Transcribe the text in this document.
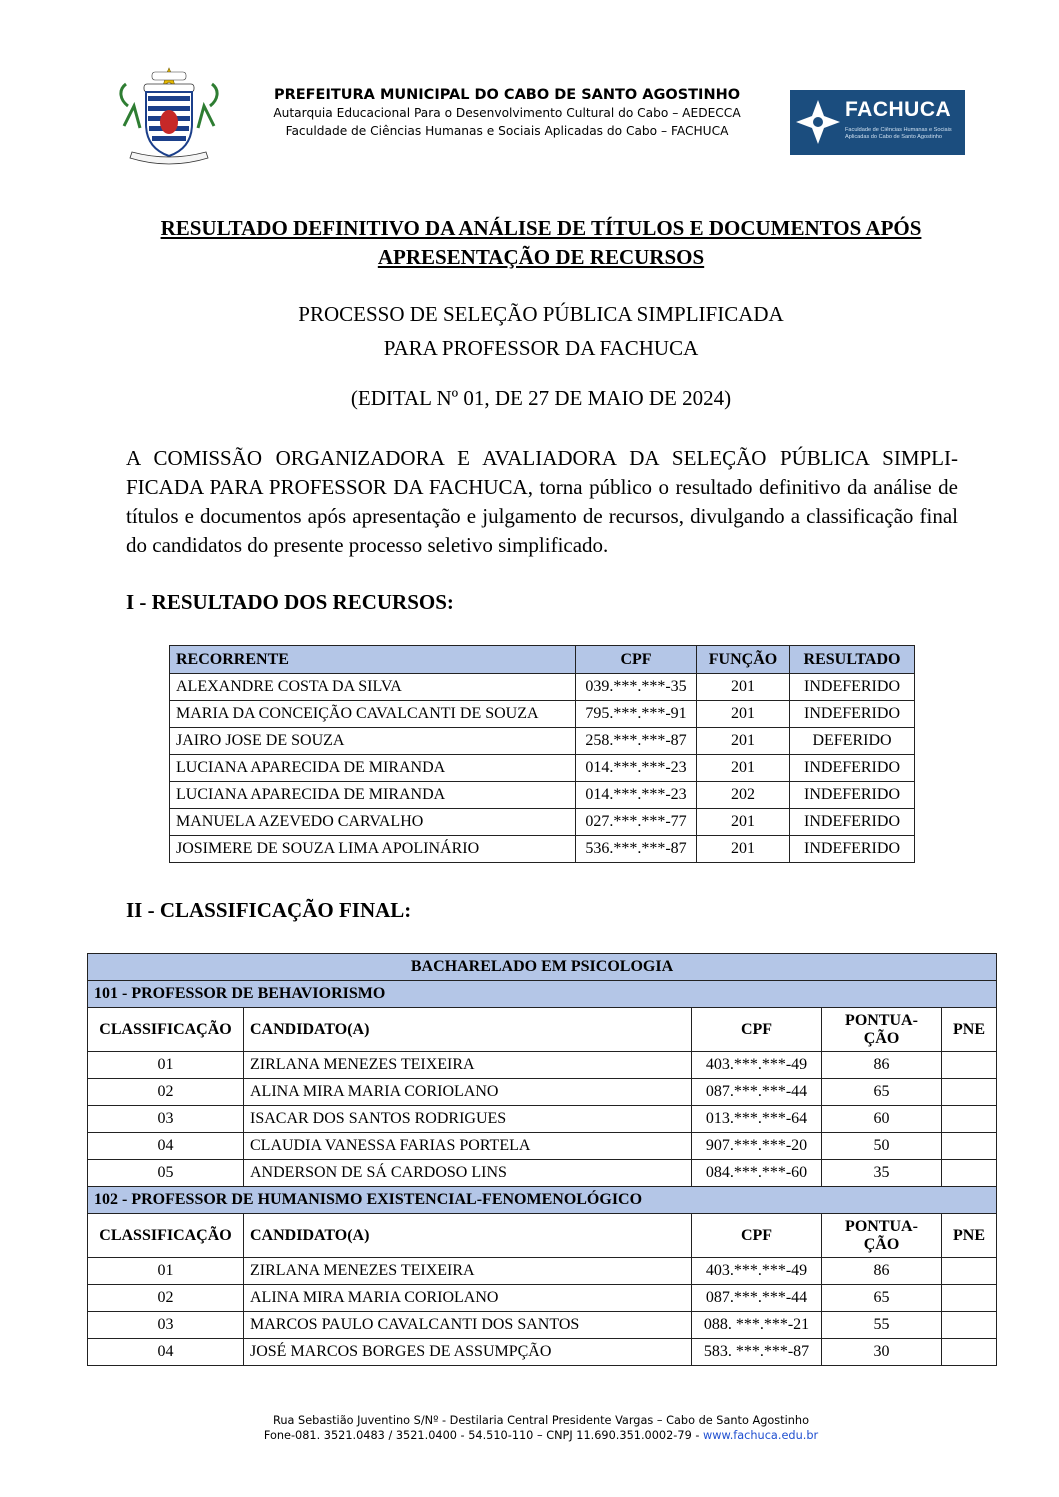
PREFEITURA MUNICIPAL DO CABO DE SANTO AGOSTINHO
Autarquia Educacional Para o Desenvolvimento Cultural do Cabo – AEDECCA
Faculdade de Ciências Humanas e Sociais Aplicadas do Cabo – FACHUCA
FACHUCA
Faculdade de Ciências Humanas e Sociais Aplicadas do Cabo de Santo Agostinho
RESULTADO DEFINITIVO DA ANÁLISE DE TÍTULOS E DOCUMENTOS APÓS
APRESENTAÇÃO DE RECURSOS
PROCESSO DE SELEÇÃO PÚBLICA SIMPLIFICADA
PARA PROFESSOR DA FACHUCA
(EDITAL Nº 01, DE 27 DE MAIO DE 2024)
A COMISSÃO ORGANIZADORA E AVALIADORA DA SELEÇÃO PÚBLICA SIMPLI-FICADA PARA PROFESSOR DA FACHUCA, torna público o resultado definitivo da análise de títulos e documentos após apresentação e julgamento de recursos, divulgando a classificação final do candidatos do presente processo seletivo simplificado.
I - RESULTADO DOS RECURSOS:
RECORRENTE	CPF	FUNÇÃO	RESULTADO
ALEXANDRE COSTA DA SILVA	039.***.***-35	201	INDEFERIDO
MARIA DA CONCEIÇÃO CAVALCANTI DE SOUZA	795.***.***-91	201	INDEFERIDO
JAIRO JOSE DE SOUZA	258.***.***-87	201	DEFERIDO
LUCIANA APARECIDA DE MIRANDA	014.***.***-23	201	INDEFERIDO
LUCIANA APARECIDA DE MIRANDA	014.***.***-23	202	INDEFERIDO
MANUELA AZEVEDO CARVALHO	027.***.***-77	201	INDEFERIDO
JOSIMERE DE SOUZA LIMA APOLINÁRIO	536.***.***-87	201	INDEFERIDO
II - CLASSIFICAÇÃO FINAL:
BACHARELADO EM PSICOLOGIA				
101 - PROFESSOR DE BEHAVIORISMO				
CLASSIFICAÇÃO	CANDIDATO(A)	CPF	PONTUA-ÇÃO	PNE
01	ZIRLANA MENEZES TEIXEIRA	403.***.***-49	86	
02	ALINA MIRA MARIA CORIOLANO	087.***.***-44	65	
03	ISACAR DOS SANTOS RODRIGUES	013.***.***-64	60	
04	CLAUDIA VANESSA FARIAS PORTELA	907.***.***-20	50	
05	ANDERSON DE SÁ CARDOSO LINS	084.***.***-60	35	
102 - PROFESSOR DE HUMANISMO EXISTENCIAL-FENOMENOLÓGICO				
CLASSIFICAÇÃO	CANDIDATO(A)	CPF	PONTUA-ÇÃO	PNE
01	ZIRLANA MENEZES TEIXEIRA	403.***.***-49	86	
02	ALINA MIRA MARIA CORIOLANO	087.***.***-44	65	
03	MARCOS PAULO CAVALCANTI DOS SANTOS	088. ***.***-21	55	
04	JOSÉ MARCOS BORGES DE ASSUMPÇÃO	583. ***.***-87	30	
Rua Sebastião Juventino S/Nº - Destilaria Central Presidente Vargas – Cabo de Santo Agostinho
Fone-081. 3521.0483 / 3521.0400 - 54.510-110 – CNPJ 11.690.351.0002-79 - www.fachuca.edu.br
